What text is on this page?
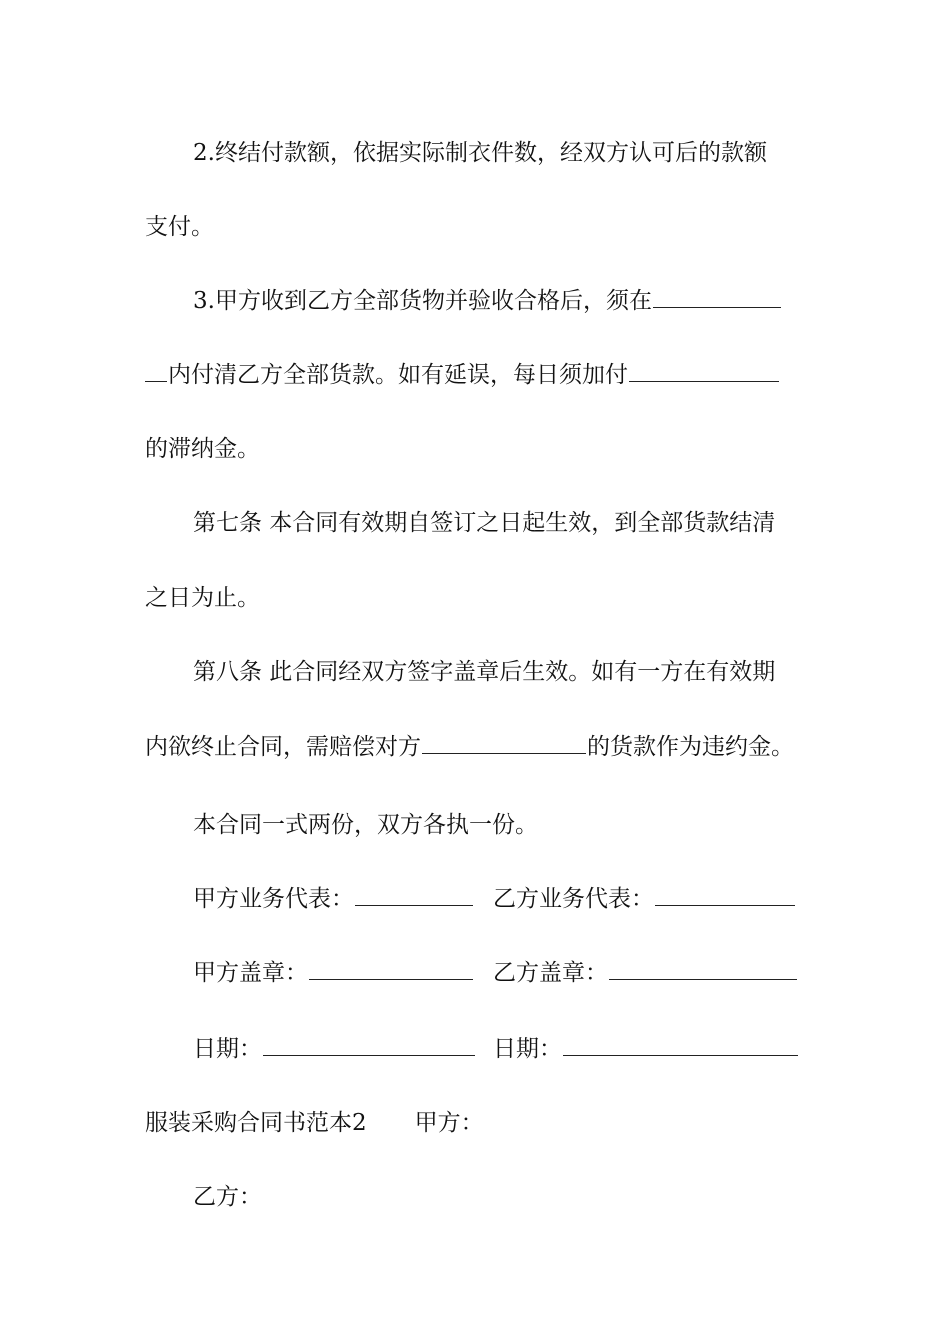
2.终结付款额，依据实际制衣件数，经双方认可后的款额
支付。
3.甲方收到乙方全部货物并验收合格后，须在
内付清乙方全部货款。如有延误，每日须加付
的滞纳金。
第七条 本合同有效期自签订之日起生效，到全部货款结清
之日为止。
第八条 此合同经双方签字盖章后生效。如有一方在有效期
内欲终止合同，需赔偿对方	的货款作为违约金。
本合同一式两份，双方各执一份。
甲方业务代表：	乙方业务代表：
甲方盖章：	乙方盖章：
日期：	日期：
服装采购合同书范本2 甲方：
乙方：
